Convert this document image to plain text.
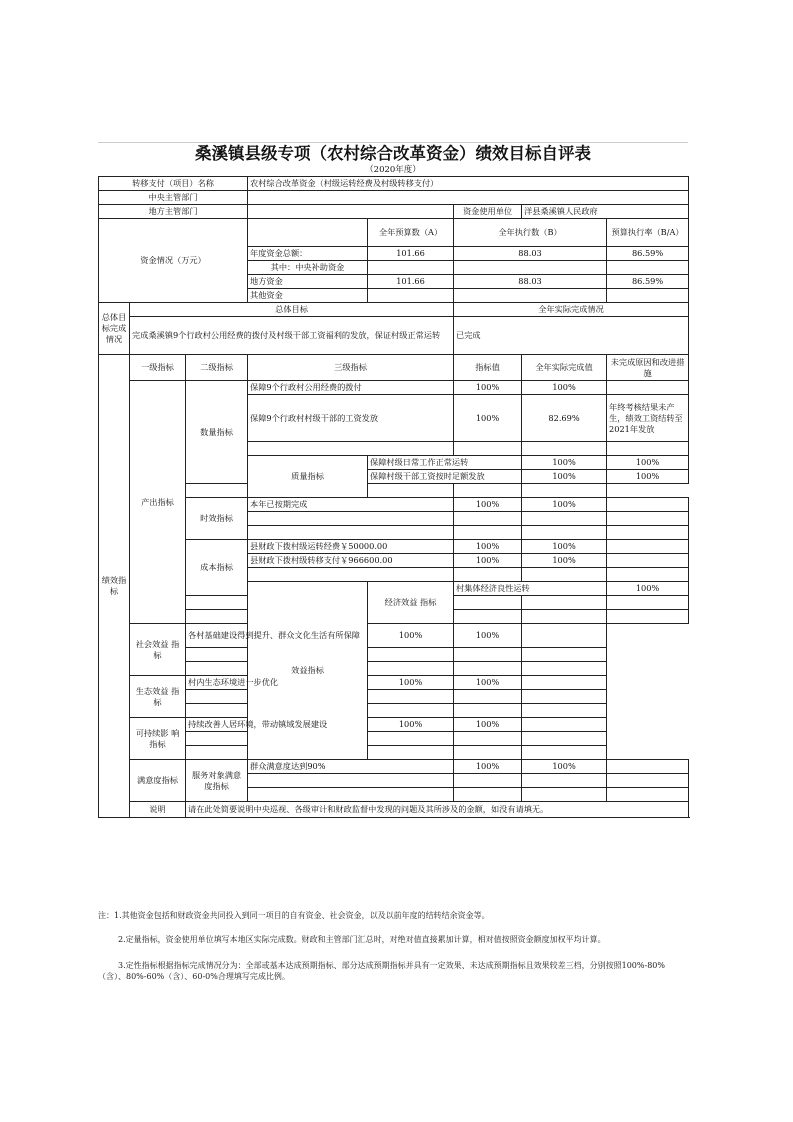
桑溪镇县级专项（农村综合改革资金）绩效目标自评表
（2020年度）
转移支付（项目）名称			农村综合改革资金（村级运转经费及村级转移支付）					
中央主管部门								
地方主管部门					资金使用单位	洋县桑溪镇人民政府		
资金情况（万元）				全年预算数（A）	全年执行数（B）		预算执行率（B/A）	
			年度资金总额：	101.66	88.03		86.59%	
			其中：中央补助资金					
			地方资金	101.66	88.03		86.59%	
			其他资金					
总体目标完成情况	总体目标				全年实际完成情况			
	完成桑溪镇9个行政村公用经费的拨付及村级干部工资福利的发放，保证村级正常运转				已完成			
绩效指标	一级指标	二级指标	三级指标		指标值	全年实际完成值	未完成原因和改进措施	
	产出指标	数量指标	保障9个行政村公用经费的拨付		100%	100%		
			保障9个行政村村级干部的工资发放		100%	82.69%	年终考核结果未产生，绩效工资结转至2021年发放	

			质量指标	保障村级日常工作正常运转		100%	100%	
				保障村级干部工资按时足额发放		100%	100%	

		时效指标	本年已按期完成		100%	100%		

		成本指标	县财政下拨村级运转经费￥50000.00		100%	100%		
			县财政下拨村级转移支付￥966600.00		100%	100%		

			效益指标	经济效益 指标	村集体经济良性运转		100%		

	社会效益 指标	各村基础建设得到提升、群众文化生活有所保障		100%	100%			

	生态效益 指标	村内生态环境进一步优化		100%	100%			

	可持续影 响指标	持续改善人居环境，带动镇域发展建设		100%	100%			

	满意度指标	服务对象满意度指标	群众满意度达到90%		100%	100%		

	说明	请在此处简要说明中央巡视、各级审计和财政监督中发现的问题及其所涉及的金额，如没有请填无。						
注：1.其他资金包括和财政资金共同投入到同一项目的自有资金、社会资金，以及以前年度的结转结余资金等。
2.定量指标，资金使用单位填写本地区实际完成数。财政和主管部门汇总时，对绝对值直接累加计算，相对值按照资金额度加权平均计算。
3.定性指标根据指标完成情况分为：全部或基本达成预期指标、部分达成预期指标并具有一定效果、未达成预期指标且效果较差三档，分别按照100%-80%（含）、80%-60%（含）、60-0%合理填写完成比例。
